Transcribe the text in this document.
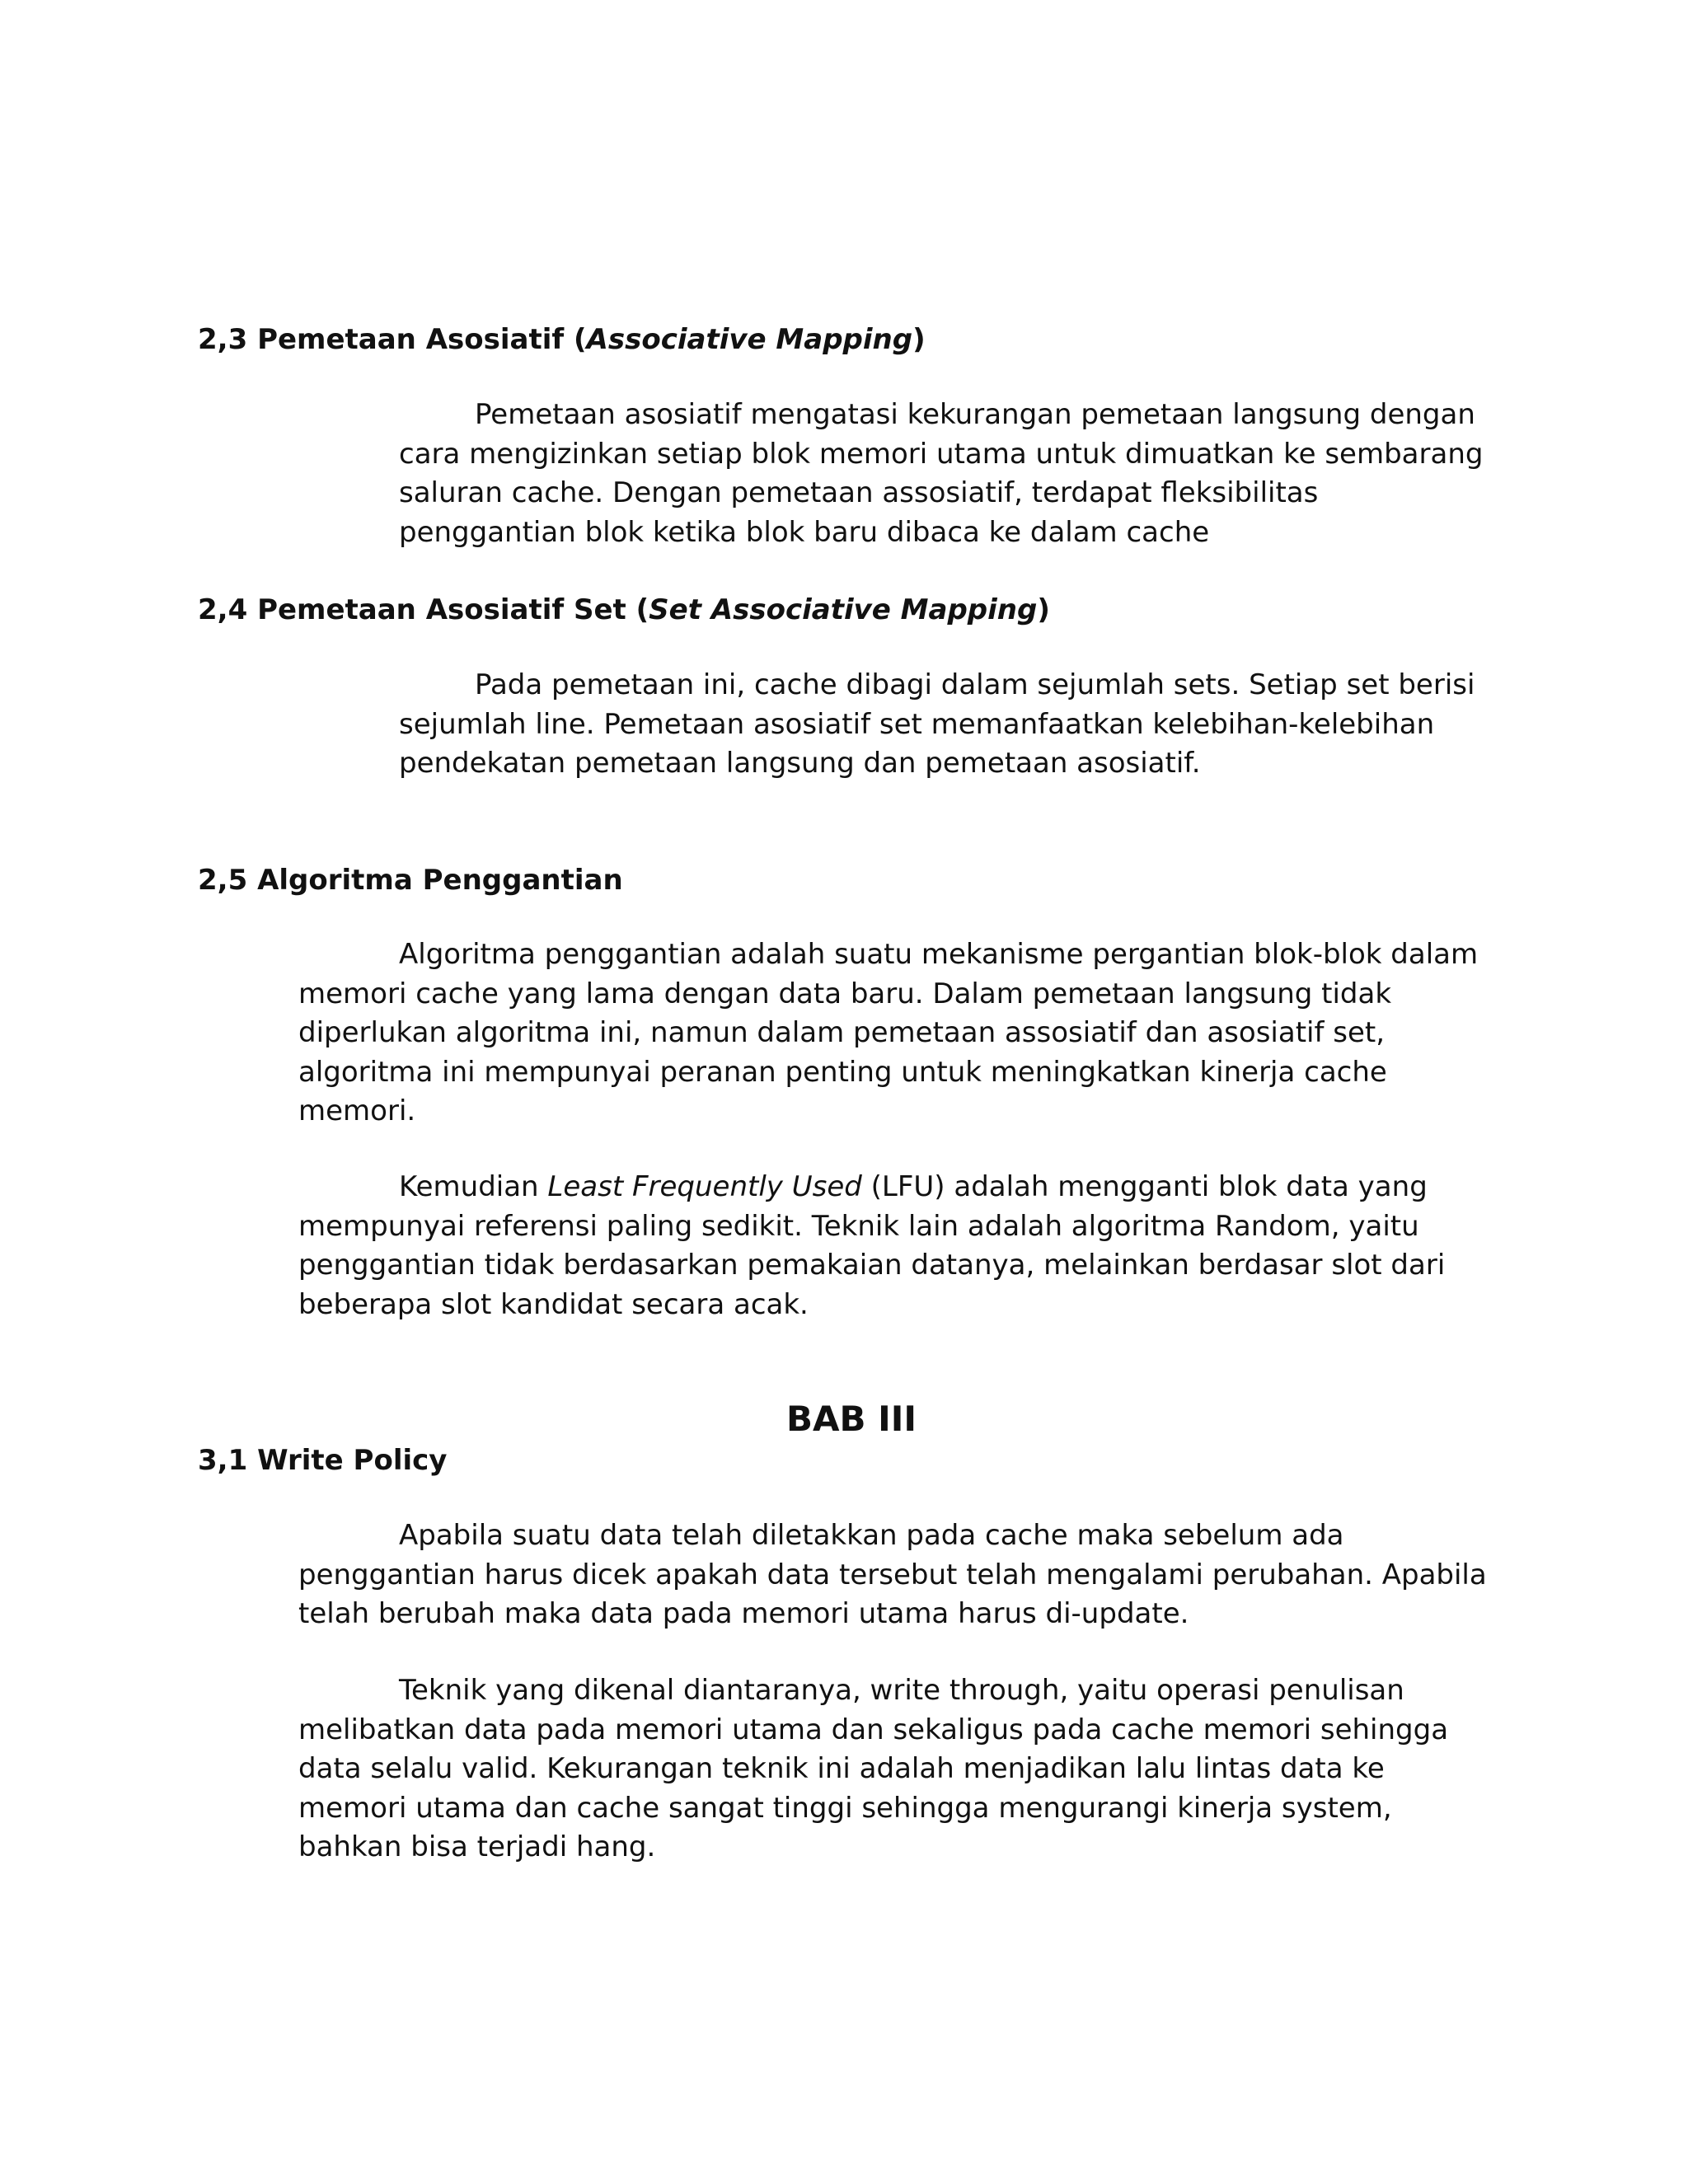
2,3 Pemetaan Asosiatif (Associative Mapping)
Pemetaan asosiatif mengatasi kekurangan pemetaan langsung dengan
cara mengizinkan setiap blok memori utama untuk dimuatkan ke sembarang
saluran cache. Dengan pemetaan assosiatif, terdapat fleksibilitas
penggantian blok ketika blok baru dibaca ke dalam cache
2,4 Pemetaan Asosiatif Set (Set Associative Mapping)
Pada pemetaan ini, cache dibagi dalam sejumlah sets. Setiap set berisi
sejumlah line. Pemetaan asosiatif set memanfaatkan kelebihan-kelebihan
pendekatan pemetaan langsung dan pemetaan asosiatif.
2,5 Algoritma Penggantian
Algoritma penggantian adalah suatu mekanisme pergantian blok-blok dalam
memori cache yang lama dengan data baru. Dalam pemetaan langsung tidak
diperlukan algoritma ini, namun dalam pemetaan assosiatif dan asosiatif set,
algoritma ini mempunyai peranan penting untuk meningkatkan kinerja cache
memori.
Kemudian Least Frequently Used (LFU) adalah mengganti blok data yang
mempunyai referensi paling sedikit. Teknik lain adalah algoritma Random, yaitu
penggantian tidak berdasarkan pemakaian datanya, melainkan berdasar slot dari
beberapa slot kandidat secara acak.
BAB III
3,1 Write Policy
Apabila suatu data telah diletakkan pada cache maka sebelum ada
penggantian harus dicek apakah data tersebut telah mengalami perubahan. Apabila
telah berubah maka data pada memori utama harus di-update.
Teknik yang dikenal diantaranya, write through, yaitu operasi penulisan
melibatkan data pada memori utama dan sekaligus pada cache memori sehingga
data selalu valid. Kekurangan teknik ini adalah menjadikan lalu lintas data ke
memori utama dan cache sangat tinggi sehingga mengurangi kinerja system,
bahkan bisa terjadi hang.
